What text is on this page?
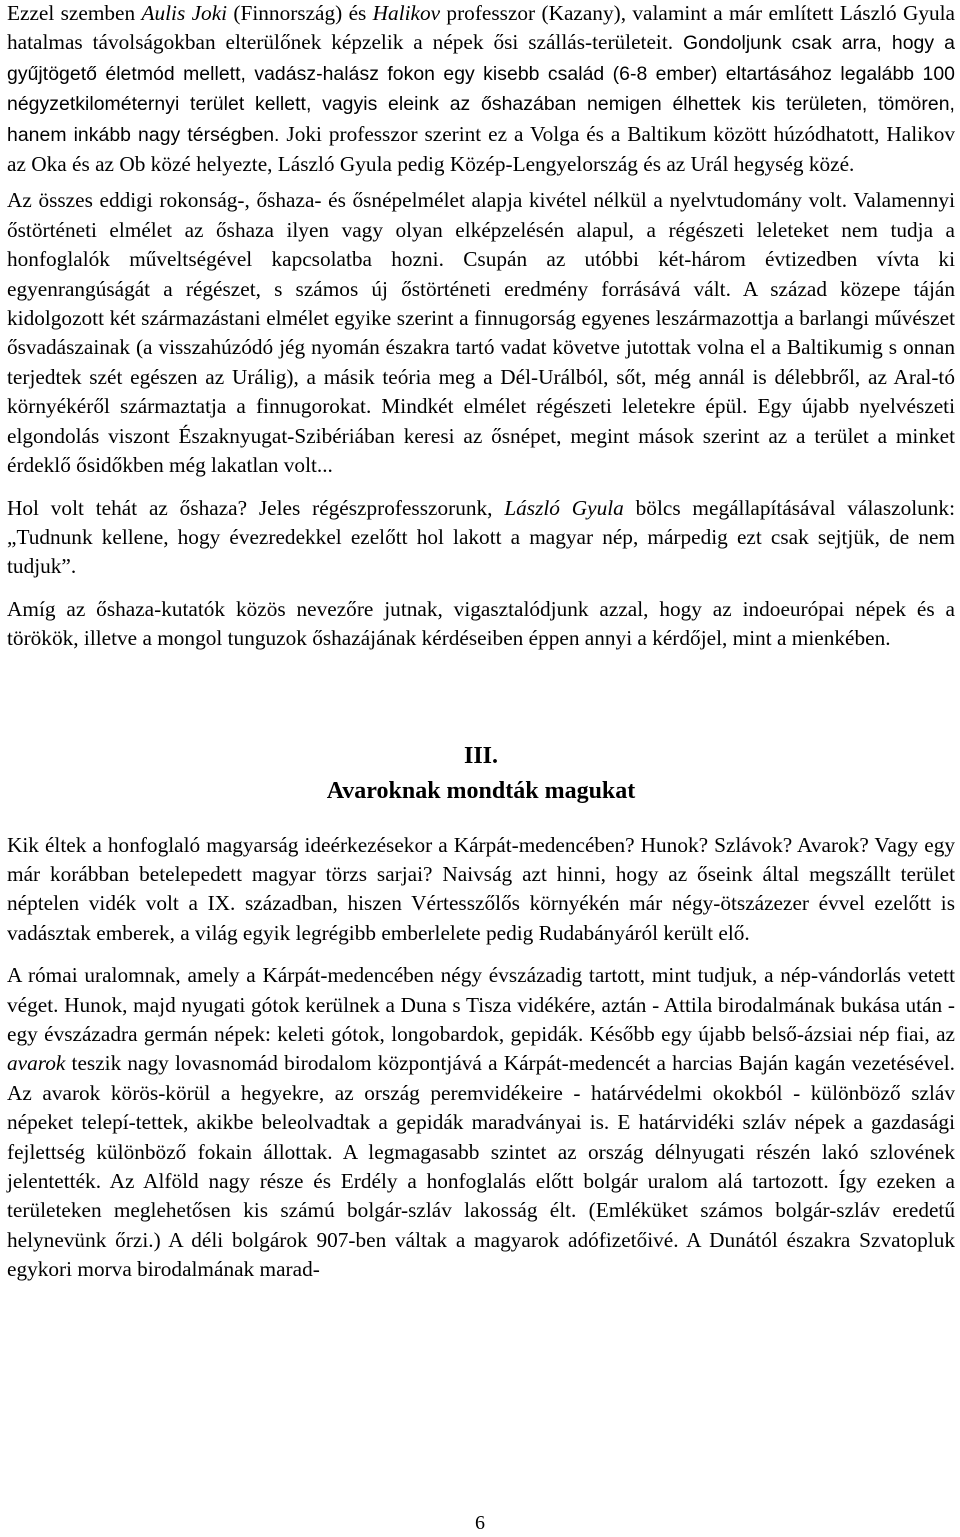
Ezzel szemben Aulis Joki (Finnország) és Halikov professzor (Kazany), valamint a már említett László Gyula hatalmas távolságokban elterülőnek képzelik a népek ősi szállás-területeit. Gondoljunk csak arra, hogy a gyűjtögető életmód mellett, vadász-halász fokon egy kisebb család (6-8 ember) eltartásához legalább 100 négyzetkilométernyi terület kellett, vagyis eleink az őshazában nemigen élhettek kis területen, tömören, hanem inkább nagy térségben. Joki professzor szerint ez a Volga és a Baltikum között húzódhatott, Halikov az Oka és az Ob közé helyezte, László Gyula pedig Közép-Lengyelország és az Urál hegység közé.

Az összes eddigi rokonság-, őshaza- és ősnépelmélet alapja kivétel nélkül a nyelvtudomány volt. Valamennyi őstörténeti elmélet az őshaza ilyen vagy olyan elképzelésén alapul, a régészeti leleteket nem tudja a honfoglalók műveltségével kapcsolatba hozni. Csupán az utóbbi két-három évtizedben vívta ki egyenrangúságát a régészet, s számos új őstörténeti eredmény forrásává vált. A század közepe táján kidolgozott két származástani elmélet egyike szerint a finnugorság egyenes leszármazottja a barlangi művészet ősvadászainak (a visszahúzódó jég nyomán északra tartó vadat követve jutottak volna el a Baltikumig s onnan terjedtek szét egészen az Urálig), a másik teória meg a Dél-Urálból, sőt, még annál is délebbről, az Aral-tó környékéről származtatja a finnugorokat. Mindkét elmélet régészeti leletekre épül. Egy újabb nyelvészeti elgondolás viszont Északnyugat-Szibériában keresi az ősnépet, megint mások szerint az a terület a minket érdeklő ősidőkben még lakatlan volt...

Hol volt tehát az őshaza? Jeles régészprofesszorunk, László Gyula bölcs megállapításával válaszolunk: „Tudnunk kellene, hogy évezredekkel ezelőtt hol lakott a magyar nép, márpedig ezt csak sejtjük, de nem tudjuk”.

Amíg az őshaza-kutatók közös nevezőre jutnak, vigasztalódjunk azzal, hogy az indoeurópai népek és a törökök, illetve a mongol tunguzok őshazájának kérdéseiben éppen annyi a kérdőjel, mint a mienkében.

III.
Avaroknak mondták magukat

Kik éltek a honfoglaló magyarság ideérkezésekor a Kárpát-medencében? Hunok? Szlávok? Avarok? Vagy egy már korábban betelepedett magyar törzs sarjai? Naivság azt hinni, hogy az őseink által megszállt terület néptelen vidék volt a IX. században, hiszen Vértesszőlős környékén már négy-ötszázezer évvel ezelőtt is vadásztak emberek, a világ egyik legrégibb emberlelete pedig Rudabányáról került elő.

A római uralomnak, amely a Kárpát-medencében négy évszázadig tartott, mint tudjuk, a nép-vándorlás vetett véget. Hunok, majd nyugati gótok kerülnek a Duna s Tisza vidékére, aztán - Attila birodalmának bukása után - egy évszázadra germán népek: keleti gótok, longobardok, gepidák. Később egy újabb belső-ázsiai nép fiai, az avarok teszik nagy lovasnomád birodalom központjává a Kárpát-medencét a harcias Baján kagán vezetésével. Az avarok körös-körül a hegyekre, az ország peremvidékeire - határvédelmi okokból - különböző szláv népeket telepí-tettek, akikbe beleolvadtak a gepidák maradványai is. E határvidéki szláv népek a gazdasági fejlettség különböző fokain állottak. A legmagasabb szintet az ország délnyugati részén lakó szlovének jelentették. Az Alföld nagy része és Erdély a honfoglalás előtt bolgár uralom alá tartozott. Így ezeken a területeken meglehetősen kis számú bolgár-szláv lakosság élt. (Emléküket számos bolgár-szláv eredetű helynevünk őrzi.) A déli bolgárok 907-ben váltak a magyarok adófizetőivé. A Dunától északra Szvatopluk egykori morva birodalmának marad-

6
